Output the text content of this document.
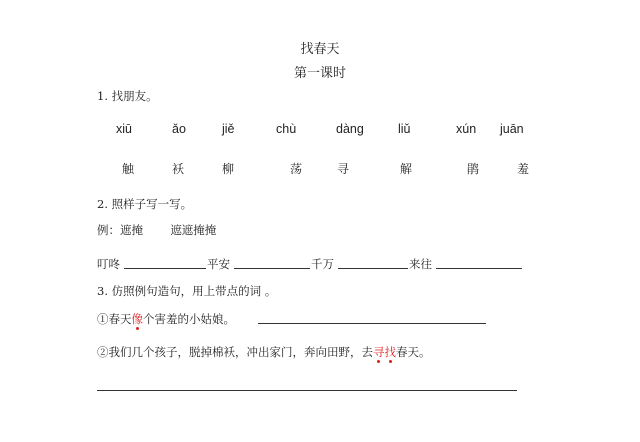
找春天
第一课时
1. 找朋友。
xiū	ǎo	jiě	chù	dàng	liǔ	xún juān
触	袄	柳	荡	寻	解	鹃	羞
2. 照样子写一写。
例：遮掩 遮遮掩掩
叮咚	平安	千万	来往
3. 仿照例句造句，用上带点的词 。
①春天像个害羞的小姑娘。
②我们几个孩子，脱掉棉袄，冲出家门，奔向田野，去寻找春天。
